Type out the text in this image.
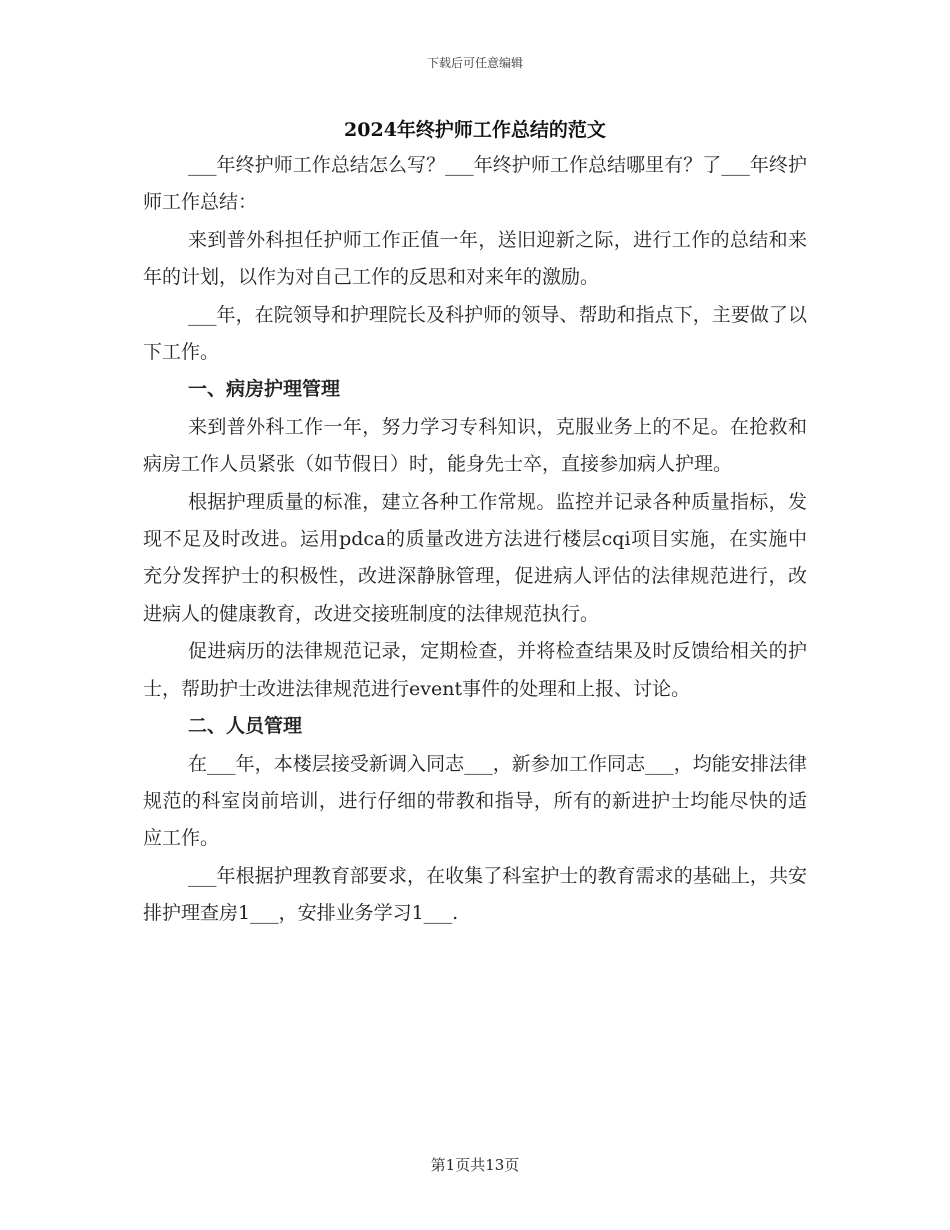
下载后可任意编辑
2024年终护师工作总结的范文

___年终护师工作总结怎么写？___年终护师工作总结哪里有？了___年终护师工作总结：

来到普外科担任护师工作正值一年，送旧迎新之际，进行工作的总结和来年的计划，以作为对自己工作的反思和对来年的激励。

___年，在院领导和护理院长及科护师的领导、帮助和指点下，主要做了以下工作。

一、病房护理管理

来到普外科工作一年，努力学习专科知识，克服业务上的不足。在抢救和病房工作人员紧张（如节假日）时，能身先士卒，直接参加病人护理。

根据护理质量的标准，建立各种工作常规。监控并记录各种质量指标，发现不足及时改进。运用pdca的质量改进方法进行楼层cqi项目实施，在实施中充分发挥护士的积极性，改进深静脉管理，促进病人评估的法律规范进行，改进病人的健康教育，改进交接班制度的法律规范执行。

促进病历的法律规范记录，定期检查，并将检查结果及时反馈给相关的护士，帮助护士改进法律规范进行event事件的处理和上报、讨论。

二、人员管理

在___年，本楼层接受新调入同志___，新参加工作同志___，均能安排法律规范的科室岗前培训，进行仔细的带教和指导，所有的新进护士均能尽快的适应工作。

___年根据护理教育部要求，在收集了科室护士的教育需求的基础上，共安排护理查房1___，安排业务学习1___.

第1页共13页
